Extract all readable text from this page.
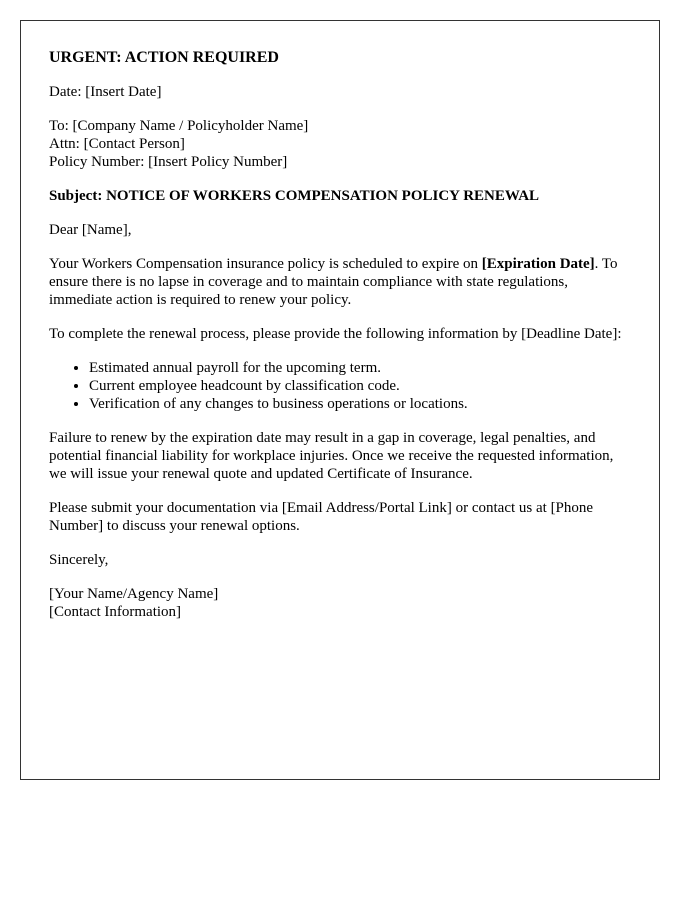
URGENT: ACTION REQUIRED

Date: [Insert Date]

To: [Company Name / Policyholder Name]
Attn: [Contact Person]
Policy Number: [Insert Policy Number]

Subject: NOTICE OF WORKERS COMPENSATION POLICY RENEWAL

Dear [Name],

Your Workers Compensation insurance policy is scheduled to expire on [Expiration Date]. To ensure there is no lapse in coverage and to maintain compliance with state regulations, immediate action is required to renew your policy.

To complete the renewal process, please provide the following information by [Deadline Date]:

• Estimated annual payroll for the upcoming term.
• Current employee headcount by classification code.
• Verification of any changes to business operations or locations.

Failure to renew by the expiration date may result in a gap in coverage, legal penalties, and potential financial liability for workplace injuries. Once we receive the requested information, we will issue your renewal quote and updated Certificate of Insurance.

Please submit your documentation via [Email Address/Portal Link] or contact us at [Phone Number] to discuss your renewal options.

Sincerely,

[Your Name/Agency Name]
[Contact Information]
